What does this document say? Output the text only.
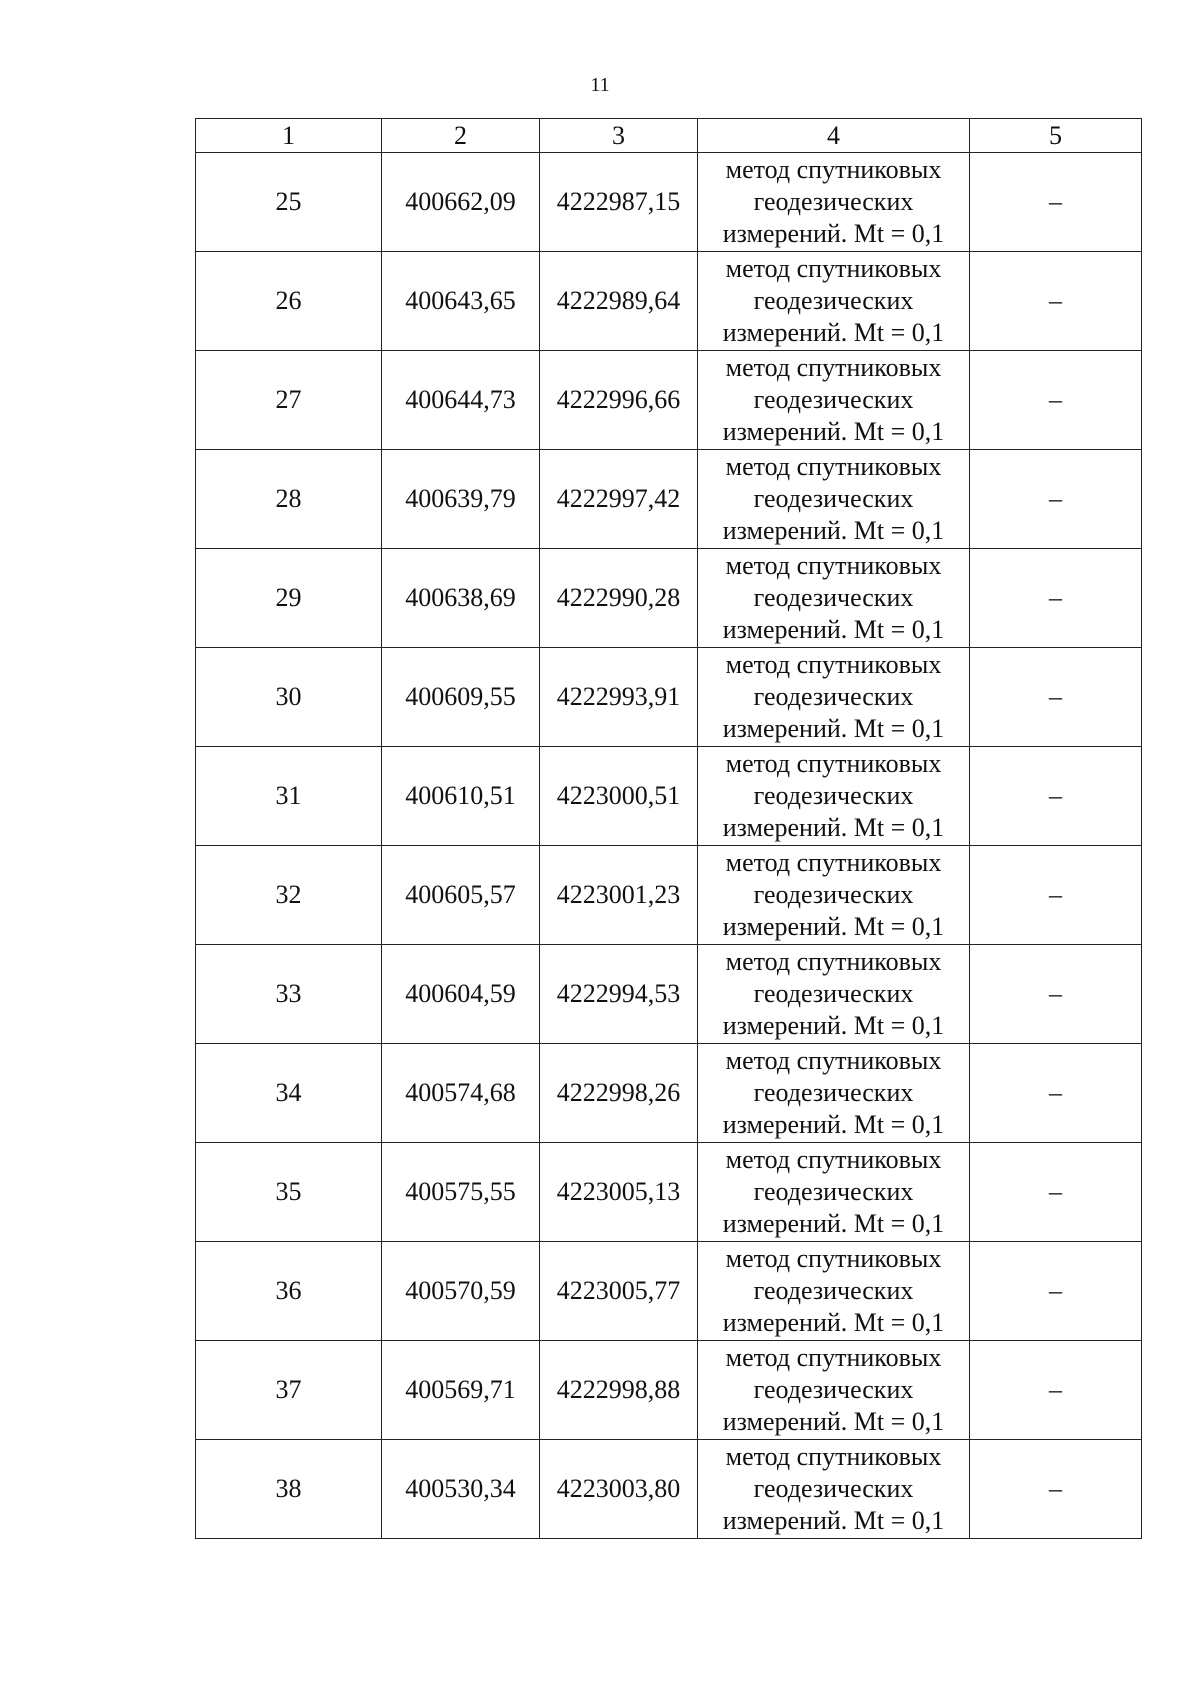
11
1	2	3	4	5
25	400662,09	4222987,15	метод спутниковых
геодезических
измерений. Mt = 0,1	–
26	400643,65	4222989,64	метод спутниковых
геодезических
измерений. Mt = 0,1	–
27	400644,73	4222996,66	метод спутниковых
геодезических
измерений. Mt = 0,1	–
28	400639,79	4222997,42	метод спутниковых
геодезических
измерений. Mt = 0,1	–
29	400638,69	4222990,28	метод спутниковых
геодезических
измерений. Mt = 0,1	–
30	400609,55	4222993,91	метод спутниковых
геодезических
измерений. Mt = 0,1	–
31	400610,51	4223000,51	метод спутниковых
геодезических
измерений. Mt = 0,1	–
32	400605,57	4223001,23	метод спутниковых
геодезических
измерений. Mt = 0,1	–
33	400604,59	4222994,53	метод спутниковых
геодезических
измерений. Mt = 0,1	–
34	400574,68	4222998,26	метод спутниковых
геодезических
измерений. Mt = 0,1	–
35	400575,55	4223005,13	метод спутниковых
геодезических
измерений. Mt = 0,1	–
36	400570,59	4223005,77	метод спутниковых
геодезических
измерений. Mt = 0,1	–
37	400569,71	4222998,88	метод спутниковых
геодезических
измерений. Mt = 0,1	–
38	400530,34	4223003,80	метод спутниковых
геодезических
измерений. Mt = 0,1	–
